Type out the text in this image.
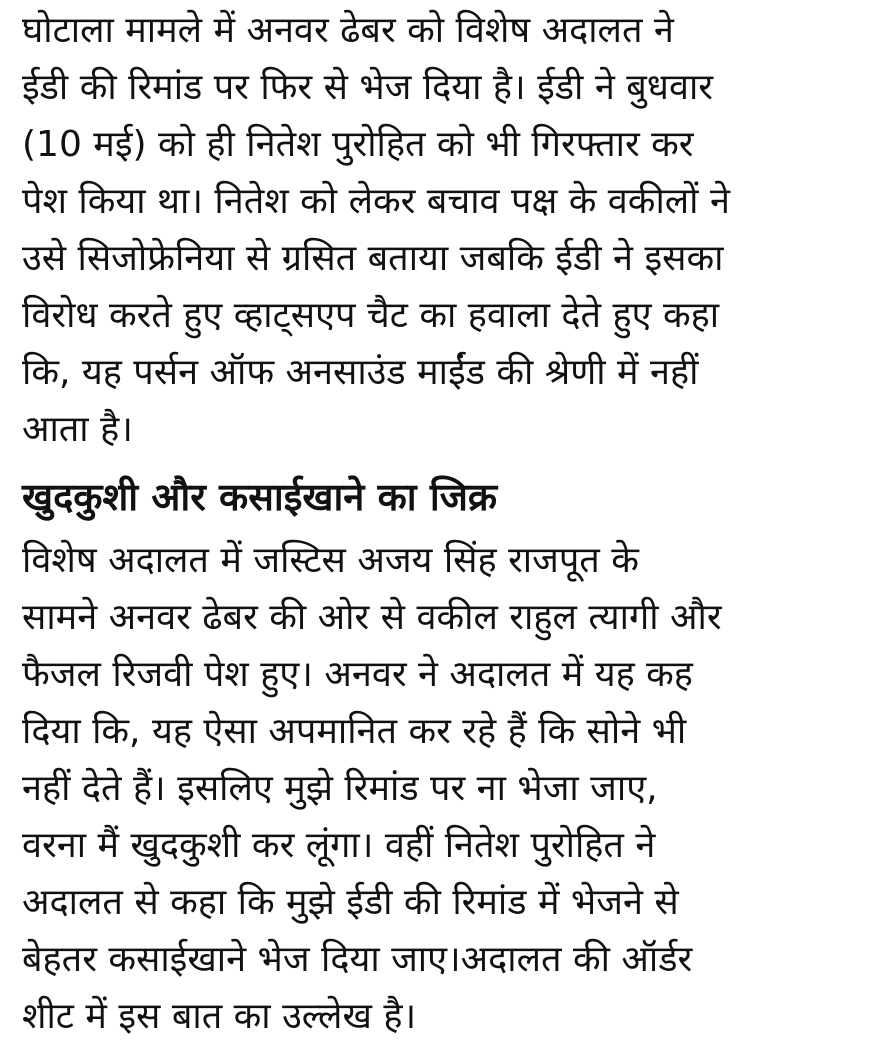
घोटाला मामले में अनवर ढेबर को विशेष अदालत ने
ईडी की रिमांड पर फिर से भेज दिया है। ईडी ने बुधवार
(10 मई) को ही नितेश पुरोहित को भी गिरफ्तार कर
पेश किया था। नितेश को लेकर बचाव पक्ष के वकीलों ने
उसे सिजोफ्रेनिया से ग्रसित बताया जबकि ईडी ने इसका
विरोध करते हुए व्हाट्सएप चैट का हवाला देते हुए कहा
कि, यह पर्सन ऑफ अनसाउंड माईंड की श्रेणी में नहीं
आता है।

खुदकुशी और कसाईखाने का जिक्र

विशेष अदालत में जस्टिस अजय सिंह राजपूत के
सामने अनवर ढेबर की ओर से वकील राहुल त्यागी और
फैजल रिजवी पेश हुए। अनवर ने अदालत में यह कह
दिया कि, यह ऐसा अपमानित कर रहे हैं कि सोने भी
नहीं देते हैं। इसलिए मुझे रिमांड पर ना भेजा जाए,
वरना मैं खुदकुशी कर लूंगा। वहीं नितेश पुरोहित ने
अदालत से कहा कि मुझे ईडी की रिमांड में भेजने से
बेहतर कसाईखाने भेज दिया जाए।अदालत की ऑर्डर
शीट में इस बात का उल्लेख है।
